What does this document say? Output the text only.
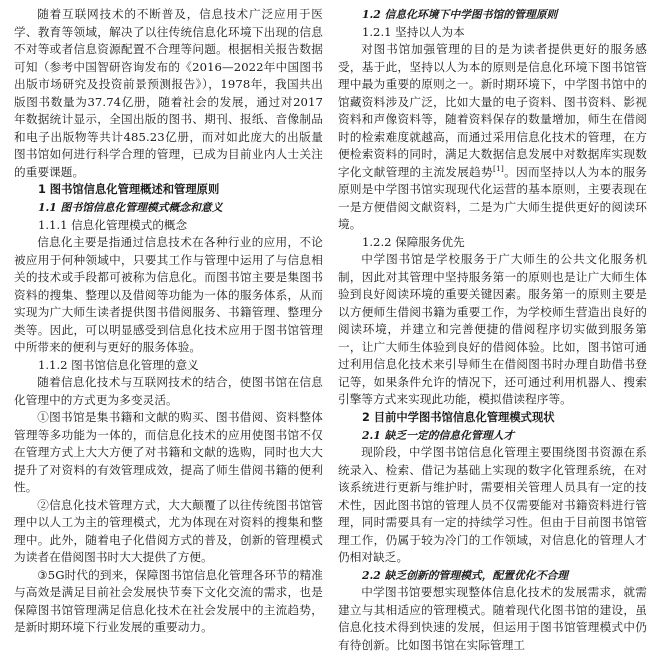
随着互联网技术的不断普及，信息技术广泛应用于医学、教育等领域，解决了以往传统信息化环境下出现的信息不对等或者信息资源配置不合理等问题。根据相关报告数据可知（参考中国智研咨询发布的《2016—2022年中国图书出版市场研究及投资前景预测报告》），1978年，我国共出版图书数量为37.74亿册，随着社会的发展，通过对2017年数据统计显示，全国出版的图书、期刊、报纸、音像制品和电子出版物等共计485.23亿册，而对如此庞大的出版量图书馆如何进行科学合理的管理，已成为目前业内人士关注的重要课题。

1 图书馆信息化管理概述和管理原则
1.1 图书馆信息化管理模式概念和意义
1.1.1 信息化管理模式的概念

信息化主要是指通过信息技术在各种行业的应用，不论被应用于何种领域中，只要其工作与管理中运用了与信息相关的技术或手段都可被称为信息化。而图书馆主要是集图书资料的搜集、整理以及借阅等功能为一体的服务体系，从而实现为广大师生读者提供图书借阅服务、书籍管理、整理分类等。因此，可以明显感受到信息化技术应用于图书馆管理中所带来的便利与更好的服务体验。

1.1.2 图书馆信息化管理的意义

随着信息化技术与互联网技术的结合，使图书馆在信息化管理中的方式更为多变灵活。

①图书馆是集书籍和文献的购买、图书借阅、资料整体管理等多功能为一体的，而信息化技术的应用使图书馆不仅在管理方式上大大方便了对书籍和文献的选购，同时也大大提升了对资料的有效管理成效，提高了师生借阅书籍的便利性。

②信息化技术管理方式，大大颠覆了以往传统图书馆管理中以人工为主的管理模式，尤为体现在对资料的搜集和整理中。此外，随着电子化借阅方式的普及，创新的管理模式为读者在借阅图书时大大提供了方便。

③5G时代的到来，保障图书馆信息化管理各环节的精准与高效是满足目前社会发展快节奏下文化交流的需求，也是保障图书馆管理满足信息化技术在社会发展中的主流趋势，是新时期环境下行业发展的重要动力。

1.2 信息化环境下中学图书馆的管理原则
1.2.1 坚持以人为本

对图书馆加强管理的目的是为读者提供更好的服务感受，基于此，坚持以人为本的原则是信息化环境下图书馆管理中最为重要的原则之一。新时期环境下，中学图书馆中的馆藏资料涉及广泛，比如大量的电子资料、图书资料、影视资料和声像资料等，随着资料保存的数量增加，师生在借阅时的检索难度就越高，而通过采用信息化技术的管理，在方便检索资料的同时，满足大数据信息发展中对数据库实现数字化文献管理的主流发展趋势[1]。因而坚持以人为本的服务原则是中学图书馆实现现代化运营的基本原则，主要表现在一是方便借阅文献资料，二是为广大师生提供更好的阅读环境。

1.2.2 保障服务优先

中学图书馆是学校服务于广大师生的公共文化服务机制，因此对其管理中坚持服务第一的原则也是让广大师生体验到良好阅读环境的重要关键因素。服务第一的原则主要是以方便师生借阅书籍为重要工作，为学校师生营造出良好的阅读环境，并建立和完善便捷的借阅程序切实做到服务第一，让广大师生体验到良好的借阅体验。比如，图书馆可通过利用信息化技术来引导师生在借阅图书时办理自助借书登记等，如果条件允许的情况下，还可通过利用机器人、搜索引擎等方式来实现此功能，模拟借读程序等。

2 目前中学图书馆信息化管理模式现状
2.1 缺乏一定的信息化管理人才

现阶段，中学图书馆信息化管理主要围绕图书资源在系统录入、检索、借记为基础上实现的数字化管理系统，在对该系统进行更新与维护时，需要相关管理人员具有一定的技术性，因此图书馆的管理人员不仅需要能对书籍资料进行管理，同时需要具有一定的持续学习性。但由于目前图书馆管理工作，仍属于较为冷门的工作领域，对信息化的管理人才仍相对缺乏。

2.2 缺乏创新的管理模式，配置优化不合理

中学图书馆要想实现整体信息化技术的发展需求，就需建立与其相适应的管理模式。随着现代化图书馆的建设，虽信息化技术得到快速的发展，但运用于图书馆管理模式中仍有待创新。比如图书馆在实际管理工
